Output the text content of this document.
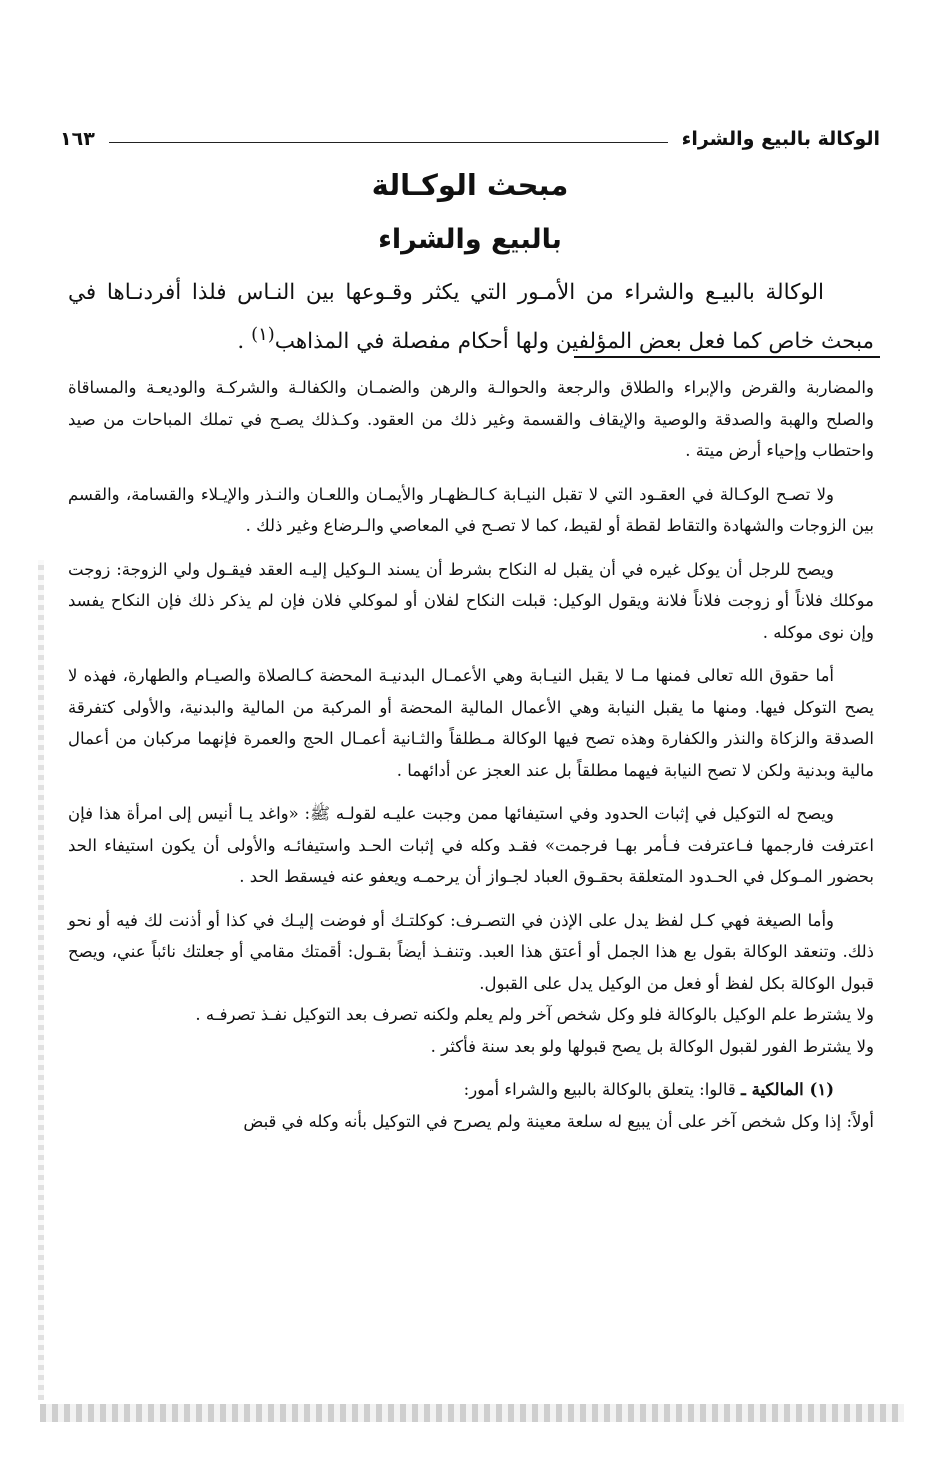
الوكالة بالبيع والشراء
١٦٣
مبحث الوكـالة
بالبيع والشراء

الوكالة بالبيـع والشراء من الأمـور التي يكثر وقـوعها بين النـاس فلذا أفردنـاها في مبحث خاص كما فعل بعض المؤلفين ولها أحكام مفصلة في المذاهب$^{(١)}$ .

والمضاربة والقرض والإبراء والطلاق والرجعة والحوالـة والرهن والضمـان والكفالـة والشركـة والوديعـة والمساقاة والصلح والهبة والصدقة والوصية والإيقاف والقسمة وغير ذلك من العقود. وكـذلك يصـح في تملك المباحات من صيد واحتطاب وإحياء أرض ميتة .

ولا تصـح الوكـالة في العقـود التي لا تقبل النيـابة كـالـظهـار والأيمـان واللعـان والنـذر والإيـلاء والقسامة، والقسم بين الزوجات والشهادة والتقاط لقطة أو لقيط، كما لا تصـح في المعاصي والـرضاع وغير ذلك .

ويصح للرجل أن يوكل غيره في أن يقبل له النكاح بشرط أن يسند الـوكيل إليـه العقد فيقـول ولي الزوجة: زوجت موكلك فلاناً أو زوجت فلاناً فلانة ويقول الوكيل: قبلت النكاح لفلان أو لموكلي فلان فإن لم يذكر ذلك فإن النكاح يفسد وإن نوى موكله .

أما حقوق الله تعالى فمنها مـا لا يقبل النيـابة وهي الأعمـال البدنيـة المحضة كـالصلاة والصيـام والطهارة، فهذه لا يصح التوكل فيها. ومنها ما يقبل النيابة وهي الأعمال المالية المحضة أو المركبة من المالية والبدنية، والأولى كتفرقة الصدقة والزكاة والنذر والكفارة وهذه تصح فيها الوكالة مـطلقاً والثـانية أعمـال الحج والعمرة فإنهما مركبان من أعمال مالية وبدنية ولكن لا تصح النيابة فيهما مطلقاً بل عند العجز عن أدائهما .

ويصح له التوكيل في إثبات الحدود وفي استيفائها ممن وجبت عليـه لقولـه ﷺ: «واغد يـا أنيس إلى امرأة هذا فإن اعترفت فارجمها فـاعترفت فـأمر بهـا فرجمت» فقـد وكله في إثبات الحـد واستيفائـه والأولى أن يكون استيفاء الحد بحضور المـوكل في الحـدود المتعلقة بحقـوق العباد لجـواز أن يرحمـه ويعفو عنه فيسقط الحد .

وأما الصيغة فهي كـل لفظ يدل على الإذن في التصـرف: كوكلتـك أو فوضت إليـك في كذا أو أذنت لك فيه أو نحو ذلك. وتنعقد الوكالة بقول بع هذا الجمل أو أعتق هذا العبد. وتنفـذ أيضاً بقـول: أقمتك مقامي أو جعلتك نائباً عني، ويصح قبول الوكالة بكل لفظ أو فعل من الوكيل يدل على القبول.

ولا يشترط علم الوكيل بالوكالة فلو وكل شخص آخر ولم يعلم ولكنه تصرف بعد التوكيل نفـذ تصرفـه .

ولا يشترط الفور لقبول الوكالة بل يصح قبولها ولو بعد سنة فأكثر .

(١) المالكية ـ قالوا: يتعلق بالوكالة بالبيع والشراء أمور:

أولاً: إذا وكل شخص آخر على أن يبيع له سلعة معينة ولم يصرح في التوكيل بأنه وكله في قبض
